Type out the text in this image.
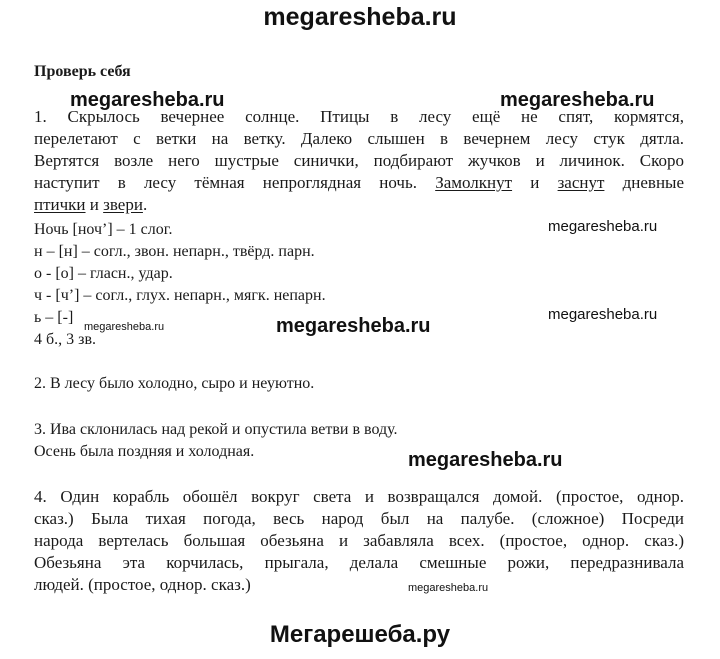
megaresheba.ru
Проверь себя
megaresheba.ru	megaresheba.ru
1. Скрылось вечернее солнце. Птицы в лесу ещё не спят, кормятся,
перелетают с ветки на ветку. Далеко слышен в вечернем лесу стук дятла.
Вертятся возле него шустрые синички, подбирают жучков и личинок. Скоро
наступит в лесу тёмная непроглядная ночь. Замолкнут и заснут дневные
птички и звери.
megaresheba.ru
Ночь [ноч’] – 1 слог.
н – [н] – согл., звон. непарн., твёрд. парн.
о - [о] – гласн., удар.
ч - [ч’] – согл., глух. непарн., мягк. непарн.
ь – [-]
megaresheba.ru	megaresheba.ru
megaresheba.ru
4 б., 3 зв.
2. В лесу было холодно, сыро и неуютно.
3. Ива склонилась над рекой и опустила ветви в воду.
Осень была поздняя и холодная.	megaresheba.ru
4. Один корабль обошёл вокруг света и возвращался домой. (простое, однор.
сказ.) Была тихая погода, весь народ был на палубе. (сложное) Посреди
народа вертелась большая обезьяна и забавляла всех. (простое, однор. сказ.)
Обезьяна эта корчилась, прыгала, делала смешные рожи, передразнивала
людей. (простое, однор. сказ.)	megaresheba.ru
Мегарешеба.ру
